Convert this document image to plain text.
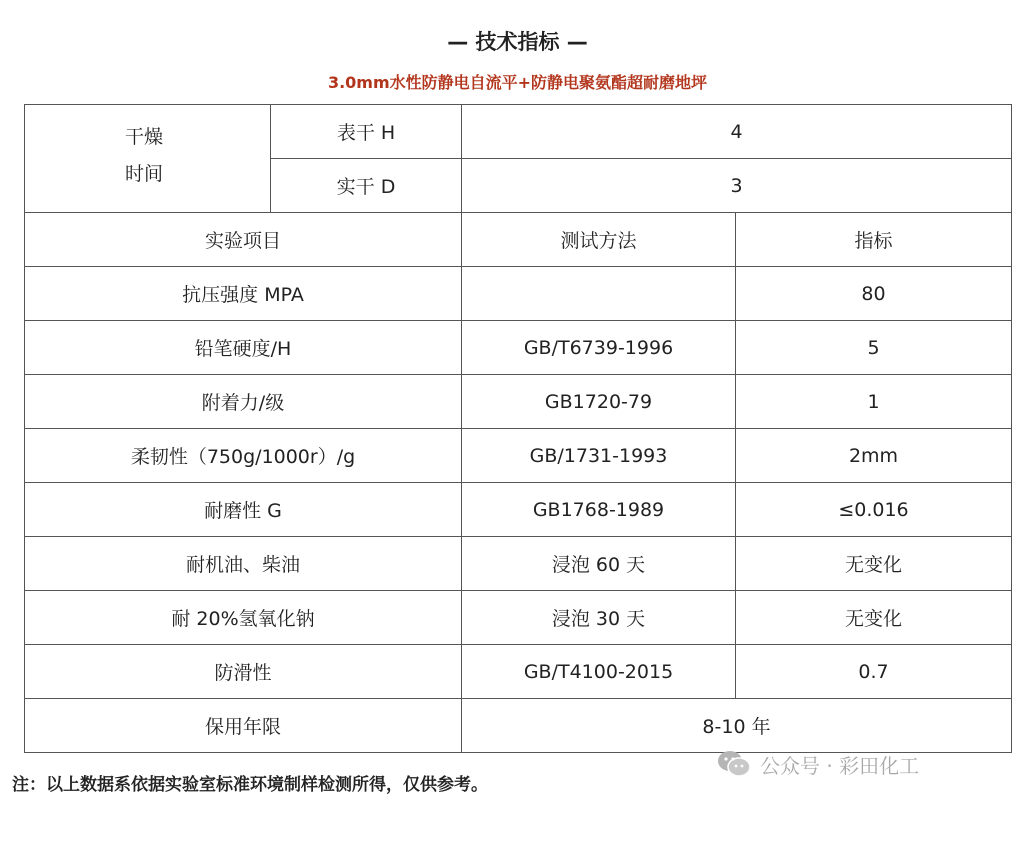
— 技术指标 —
3.0mm水性防静电自流平+防静电聚氨酯超耐磨地坪
干燥
时间	表干 H	4	
	实干 D	3	
实验项目		测试方法	指标
抗压强度 MPA			80
铅笔硬度/H		GB/T6739-1996	5
附着力/级		GB1720-79	1
柔韧性（750g/1000r）/g		GB/1731-1993	2mm
耐磨性 G		GB1768-1989	≤0.016
耐机油、柴油		浸泡 60 天	无变化
耐 20%氢氧化钠		浸泡 30 天	无变化
防滑性		GB/T4100-2015	0.7
保用年限		8-10 年	
注：以上数据系依据实验室标准环境制样检测所得，仅供参考。
公众号 · 彩田化工
